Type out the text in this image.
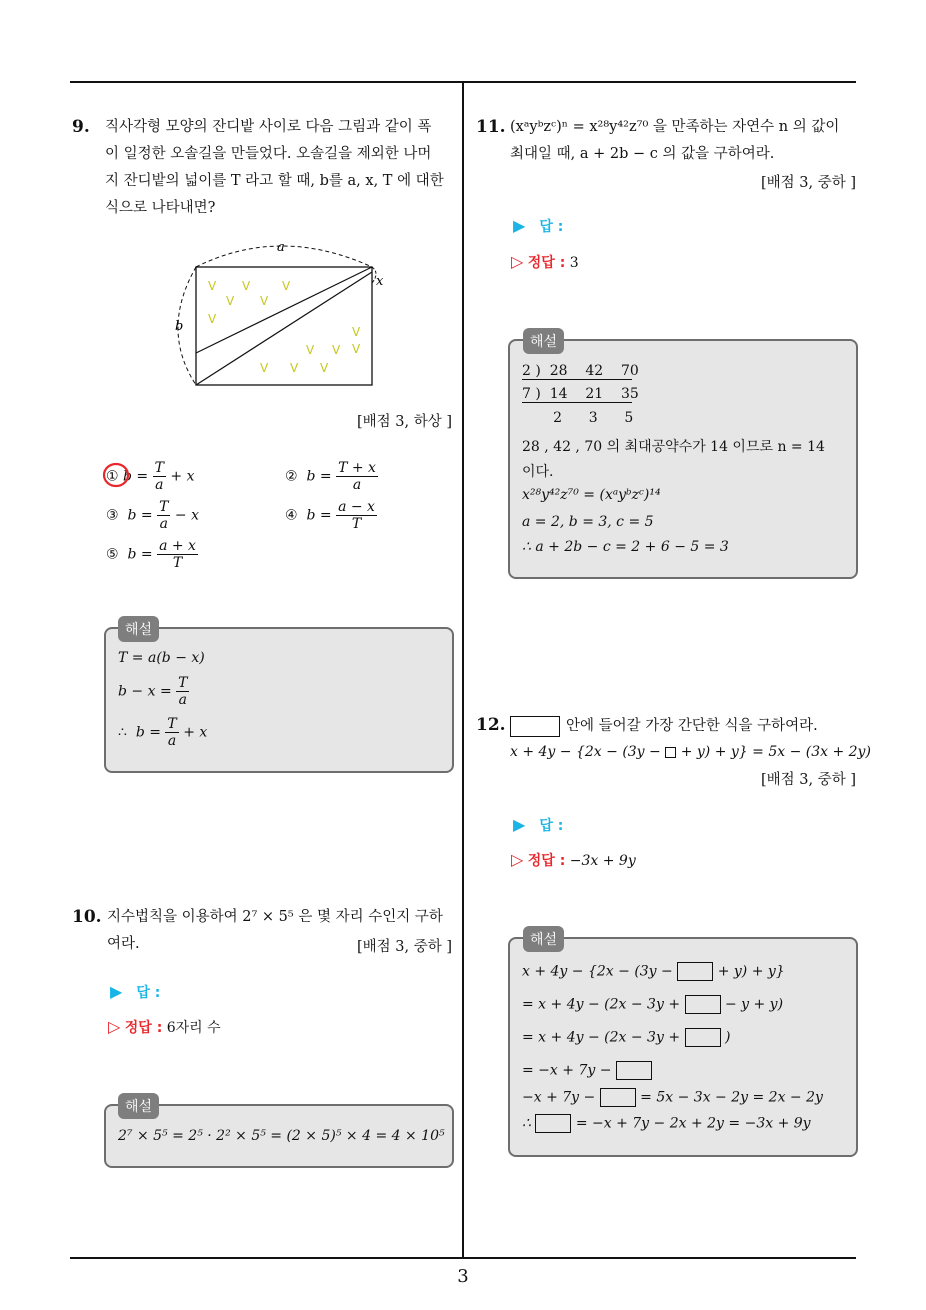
9. 직사각형 모양의 잔디밭 사이로 다음 그림과 같이 폭
이 일정한 오솔길을 만들었다. 오솔길을 제외한 나머
지 잔디밭의 넓이를 T 라고 할 때, b를 a, x, T 에 대한
식으로 나타내면?
a
b
x
V V	V
V V
V
V
V V V
V V V
[배점 3, 하상 ]
① $b = \frac{T}{a} + x$	②  $b = \frac{T + x}{a}$
③  $b = \frac{T}{a} - x$	④  $b = \frac{a - x}{T}$
⑤  $b = \frac{a + x}{T}$
해설
T = a(b − x)
$b - x = \frac{T}{a}$
∴  $b = \frac{T}{a} + x$
10. 지수법칙을 이용하여 2⁷ × 5⁵ 은 몇 자리 수인지 구하
여라.	[배점 3, 중하 ]
▶ 답 :
▷ 정답 : 6자리 수
해설
2⁷ × 5⁵ = 2⁵ · 2² × 5⁵ = (2 × 5)⁵ × 4 = 4 × 10⁵
11. (xᵃyᵇzᶜ)ⁿ = x²⁸y⁴²z⁷⁰ 을 만족하는 자연수 n 의 값이
최대일 때, a + 2b − c 의 값을 구하여라.
[배점 3, 중하 ]
▶ 답 :
▷ 정답 : 3
해설
2 )  28    42    70
7 )  14    21    35
2      3      5
28 , 42 , 70 의 최대공약수가 14 이므로 n = 14
이다.
x²⁸y⁴²z⁷⁰ = (xᵃyᵇzᶜ)¹⁴
a = 2, b = 3, c = 5
∴ a + 2b − c = 2 + 6 − 5 = 3
12.	안에 들어갈 가장 간단한 식을 구하여라.
x + 4y − {2x − (3y − + y) + y} = 5x − (3x + 2y)
[배점 3, 중하 ]
▶ 답 :
▷ 정답 : −3x + 9y
해설
x + 4y − {2x − (3y −	+ y) + y}
= x + 4y − (2x − 3y +	− y + y)
= x + 4y − (2x − 3y +	)
= −x + 7y −
−x + 7y −	= 5x − 3x − 2y = 2x − 2y
∴	= −x + 7y − 2x + 2y = −3x + 9y
3
